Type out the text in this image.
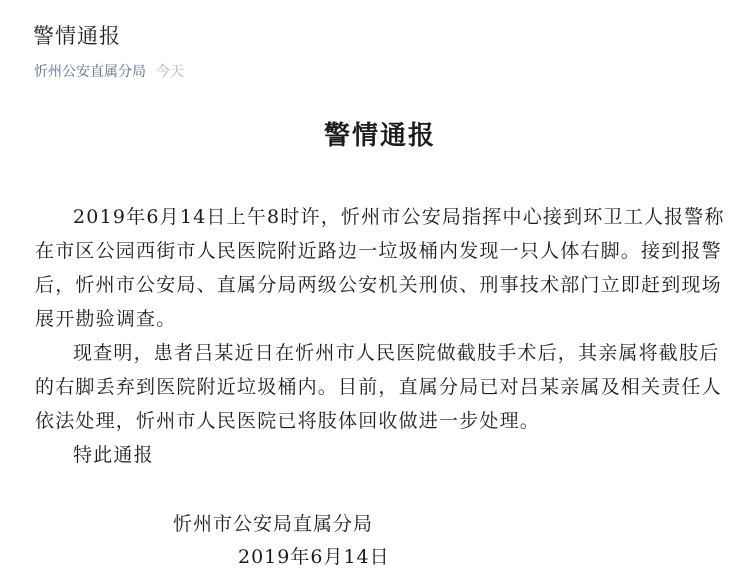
警情通报
忻州公安直属分局 今天
警情通报

2019年6月14日上午8时许，忻州市公安局指挥中心接到环卫工人报警称在市区公园西街市人民医院附近路边一垃圾桶内发现一只人体右脚。接到报警后，忻州市公安局、直属分局两级公安机关刑侦、刑事技术部门立即赶到现场展开勘验调查。

现查明，患者吕某近日在忻州市人民医院做截肢手术后，其亲属将截肢后的右脚丢弃到医院附近垃圾桶内。目前，直属分局已对吕某亲属及相关责任人依法处理，忻州市人民医院已将肢体回收做进一步处理。

特此通报

忻州市公安局直属分局
2019年6月14日
